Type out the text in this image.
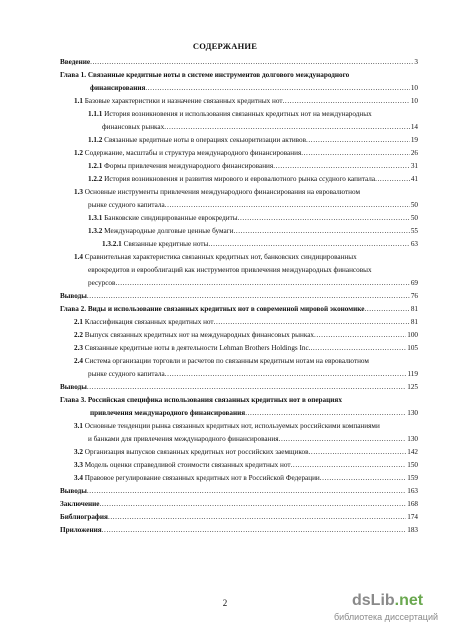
СОДЕРЖАНИЕ
Введение .....	3
Глава 1. Связанные кредитные ноты в системе инструментов долгового международного
финансирования .....	10
1.1 Базовые характеристики и назначение связанных кредитных нот .....	10
1.1.1 История возникновения и использования связанных кредитных нот на международных
финансовых рынках .....	14
1.1.2 Связанные кредитные ноты в операциях секьюритизации активов .....	19
1.2 Содержание, масштабы и структура международного финансирования .....	26
1.2.1 Формы привлечения международного финансирования .....	31
1.2.2 История возникновения и развития мирового и евровалютного рынка ссудного капитала .....	41
1.3 Основные инструменты привлечения международного финансирования на евровалютном
рынке ссудного капитала .....	50
1.3.1 Банковские синдицированные еврокредиты .....	50
1.3.2 Международные долговые ценные бумаги .....	55
1.3.2.1 Связанные кредитные ноты .....	63
1.4 Сравнительная характеристика связанных кредитных нот, банковских синдицированных
еврокредитов и еврооблигаций как инструментов привлечения международных финансовых
ресурсов .....	69
Выводы .....	76
Глава 2. Виды и использование связанных кредитных нот в современной мировой экономике .....	81
2.1 Классификация связанных кредитных нот .....	81
2.2 Выпуск связанных кредитных нот на международных финансовых рынках .....	100
2.3 Связанные кредитные ноты в деятельности Lehman Brothers Holdings Inc. .....	105
2.4 Система организации торговли и расчетов по связанным кредитным нотам на евровалютном
рынке ссудного капитала .....	119
Выводы .....	125
Глава 3. Российская специфика использования связанных кредитных нот в операциях
привлечения международного финансирования .....	130
3.1 Основные тенденции рынка связанных кредитных нот, используемых российскими компаниями
и банками для привлечения международного финансирования .....	130
3.2 Организация выпусков связанных кредитных нот российских заемщиков .....	142
3.3 Модель оценки справедливой стоимости связанных кредитных нот .....	150
3.4 Правовое регулирование связанных кредитных нот в Российской Федерации .....	159
Выводы .....	163
Заключение .....	168
Библиография .....	174
Приложения .....	183
2	dsLib.net
библиотека диссертаций
